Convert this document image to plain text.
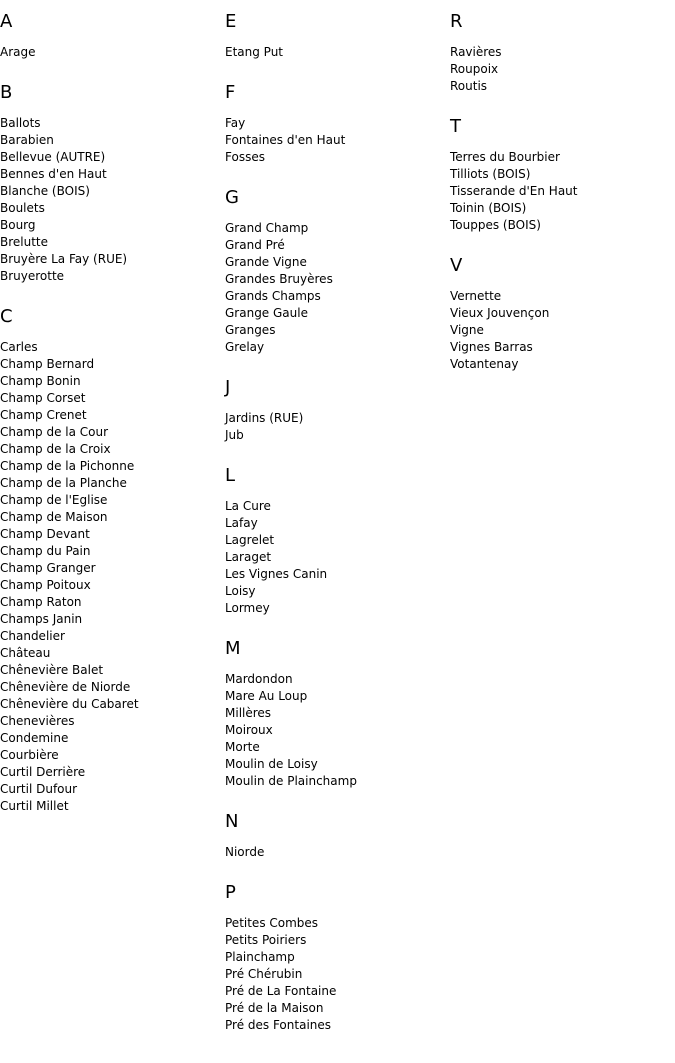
A
Arage
B
Ballots
Barabien
Bellevue (AUTRE)
Bennes d'en Haut
Blanche (BOIS)
Boulets
Bourg
Brelutte
Bruyère La Fay (RUE)
Bruyerotte
C
Carles
Champ Bernard
Champ Bonin
Champ Corset
Champ Crenet
Champ de la Cour
Champ de la Croix
Champ de la Pichonne
Champ de la Planche
Champ de l'Eglise
Champ de Maison
Champ Devant
Champ du Pain
Champ Granger
Champ Poitoux
Champ Raton
Champs Janin
Chandelier
Château
Chênevière Balet
Chênevière de Niorde
Chênevière du Cabaret
Chenevières
Condemine
Courbière
Curtil Derrière
Curtil Dufour
Curtil Millet
E
Etang Put
F
Fay
Fontaines d'en Haut
Fosses
G
Grand Champ
Grand Pré
Grande Vigne
Grandes Bruyères
Grands Champs
Grange Gaule
Granges
Grelay
J
Jardins (RUE)
Jub
L
La Cure
Lafay
Lagrelet
Laraget
Les Vignes Canin
Loisy
Lormey
M
Mardondon
Mare Au Loup
Millères
Moiroux
Morte
Moulin de Loisy
Moulin de Plainchamp
N
Niorde
P
Petites Combes
Petits Poiriers
Plainchamp
Pré Chérubin
Pré de La Fontaine
Pré de la Maison
Pré des Fontaines
R
Ravières
Roupoix
Routis
T
Terres du Bourbier
Tilliots (BOIS)
Tisserande d'En Haut
Toinin (BOIS)
Touppes (BOIS)
V
Vernette
Vieux Jouvençon
Vigne
Vignes Barras
Votantenay
